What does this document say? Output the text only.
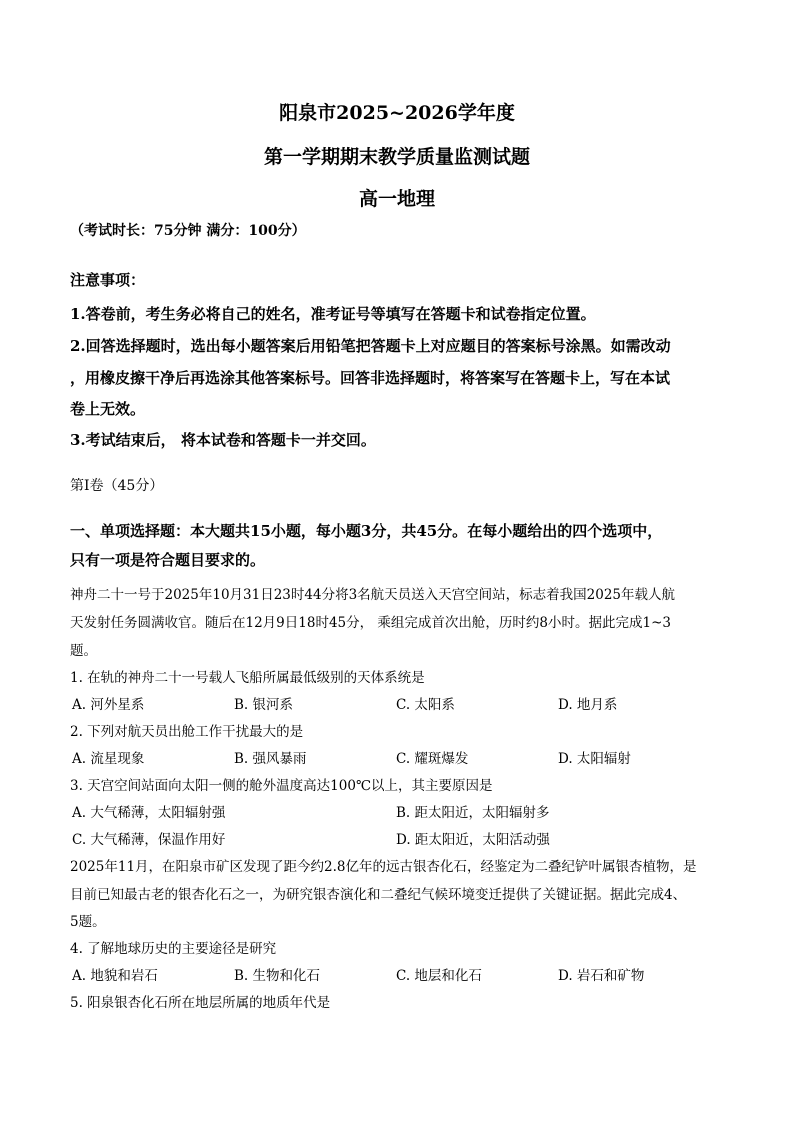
阳泉市2025~2026学年度
第一学期期末教学质量监测试题
高一地理
（考试时长：75分钟 满分：100分）
注意事项：
1.答卷前，考生务必将自己的姓名，准考证号等填写在答题卡和试卷指定位置。
2.回答选择题时，选出每小题答案后用铅笔把答题卡上对应题目的答案标号涂黑。如需改动
，用橡皮擦干净后再选涂其他答案标号。回答非选择题时，将答案写在答题卡上，写在本试
卷上无效。
3.考试结束后， 将本试卷和答题卡一并交回。
第Ⅰ卷（45分）
一、单项选择题：本大题共15小题，每小题3分，共45分。在每小题给出的四个选项中，
只有一项是符合题目要求的。
神舟二十一号于2025年10月31日23时44分将3名航天员送入天宫空间站，标志着我国2025年载人航
天发射任务圆满收官。随后在12月9日18时45分， 乘组完成首次出舱，历时约8小时。据此完成1~3
题。
1. 在轨的神舟二十一号载人飞船所属最低级别的天体系统是
A. 河外星系	B. 银河系	C. 太阳系	D. 地月系
2. 下列对航天员出舱工作干扰最大的是
A. 流星现象	B. 强风暴雨	C. 耀斑爆发	D. 太阳辐射
3. 天宫空间站面向太阳一侧的舱外温度高达100℃以上，其主要原因是
A. 大气稀薄，太阳辐射强	B. 距太阳近，太阳辐射多
C. 大气稀薄，保温作用好	D. 距太阳近，太阳活动强
2025年11月，在阳泉市矿区发现了距今约2.8亿年的远古银杏化石，经鉴定为二叠纪铲叶属银杏植物，是
目前已知最古老的银杏化石之一，为研究银杏演化和二叠纪气候环境变迁提供了关键证据。据此完成4、
5题。
4. 了解地球历史的主要途径是研究
A. 地貌和岩石	B. 生物和化石	C. 地层和化石	D. 岩石和矿物
5. 阳泉银杏化石所在地层所属的地质年代是
